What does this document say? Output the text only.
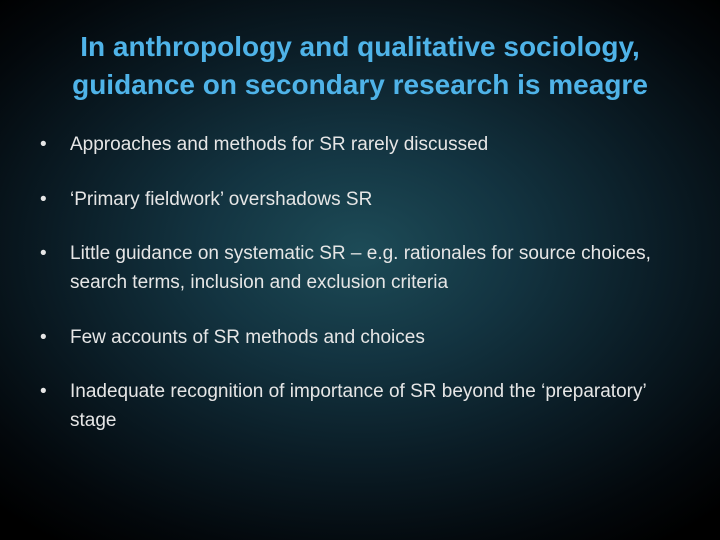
In anthropology and qualitative sociology,
guidance on secondary research is meagre
•	Approaches and methods for SR rarely discussed
•	‘Primary fieldwork’ overshadows SR
•	Little guidance on systematic SR – e.g. rationales for source choices, search terms, inclusion and exclusion criteria
•	Few accounts of SR methods and choices
•	Inadequate recognition of importance of SR beyond the ‘preparatory’ stage
